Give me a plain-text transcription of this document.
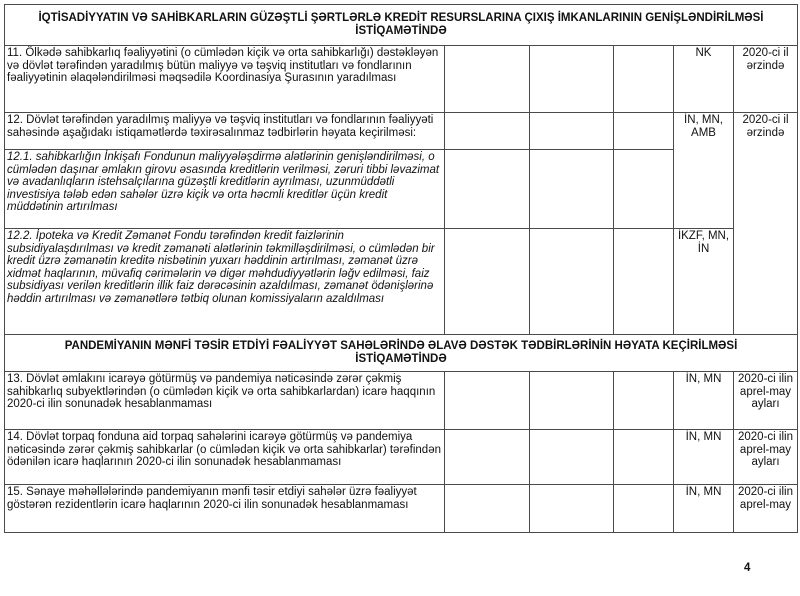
İQTİSADİYYATIN VƏ SAHİBKARLARIN GÜZƏŞTLİ ŞƏRTLƏRLƏ KREDİT RESURSLARINA ÇIXIŞ İMKANLARININ GENİŞLƏNDİRİLMƏSİ İSTİQAMƏTİNDƏ					
11. Ölkədə sahibkarlıq fəaliyyətini (o cümlədən kiçik və orta sahibkarlığı) dəstəkləyən və dövlət tərəfindən yaradılmış bütün maliyyə və təşviq institutları və fondlarının fəaliyyətinin əlaqələndirilməsi məqsədilə Koordinasiya Şurasının yaradılması				NK	2020-ci il ərzində
12. Dövlət tərəfindən yaradılmış maliyyə və təşviq institutları və fondlarının fəaliyyəti sahəsində aşağıdakı istiqamətlərdə təxirəsalınmaz tədbirlərin həyata keçirilməsi:				İN, MN, AMB	2020-ci il ərzində
12.1. sahibkarlığın İnkişafı Fondunun maliyyələşdirmə alətlərinin genişləndirilməsi, o cümlədən daşınar əmlakın girovu əsasında kreditlərin verilməsi, zəruri tibbi ləvazimat və avadanlıqların istehsalçılarına güzəştli kreditlərin ayrılması, uzunmüddətli investisiya tələb edən sahələr üzrə kiçik və orta həcmli kreditlər üçün kredit müddətinin artırılması					
12.2. İpoteka və Kredit Zəmanət Fondu tərəfindən kredit faizlərinin subsidiyalaşdırılması və kredit zəmanəti alətlərinin təkmilləşdirilməsi, o cümlədən bir kredit üzrə zəmanətin kreditə nisbətinin yuxarı həddinin artırılması, zəmanət üzrə xidmət haqlarının, müvafiq cərimələrin və digər məhdudiyyətlərin ləğv edilməsi, faiz subsidiyası verilən kreditlərin illik faiz dərəcəsinin azaldılması, zəmanət ödənişlərinə həddin artırılması və zəmanətlərə tətbiq olunan komissiyaların azaldılması				İKZF, MN, İN	
PANDEMİYANIN MƏNFİ TƏSİR ETDİYİ FƏALİYYƏT SAHƏLƏRİNDƏ ƏLAVƏ DƏSTƏK TƏDBİRLƏRİNİN HƏYATA KEÇİRİLMƏSİ İSTİQAMƏTİNDƏ					
13. Dövlət əmlakını icarəyə götürmüş və pandemiya nəticəsində zərər çəkmiş sahibkarlıq subyektlərindən (o cümlədən kiçik və orta sahibkarlardan) icarə haqqının 2020-ci ilin sonunadək hesablanmaması				İN, MN	2020-ci ilin aprel-may ayları
14. Dövlət torpaq fonduna aid torpaq sahələrini icarəyə götürmüş və pandemiya nəticəsində zərər çəkmiş sahibkarlar (o cümlədən kiçik və orta sahibkarlar) tərəfindən ödənilən icarə haqlarının 2020-ci ilin sonunadək hesablanmaması				İN, MN	2020-ci ilin aprel-may ayları
15. Sənaye məhəllələrində pandemiyanın mənfi təsir etdiyi sahələr üzrə fəaliyyət göstərən rezidentlərin icarə haqlarının 2020-ci ilin sonunadək hesablanmaması				İN, MN	2020-ci ilin aprel-may
4
